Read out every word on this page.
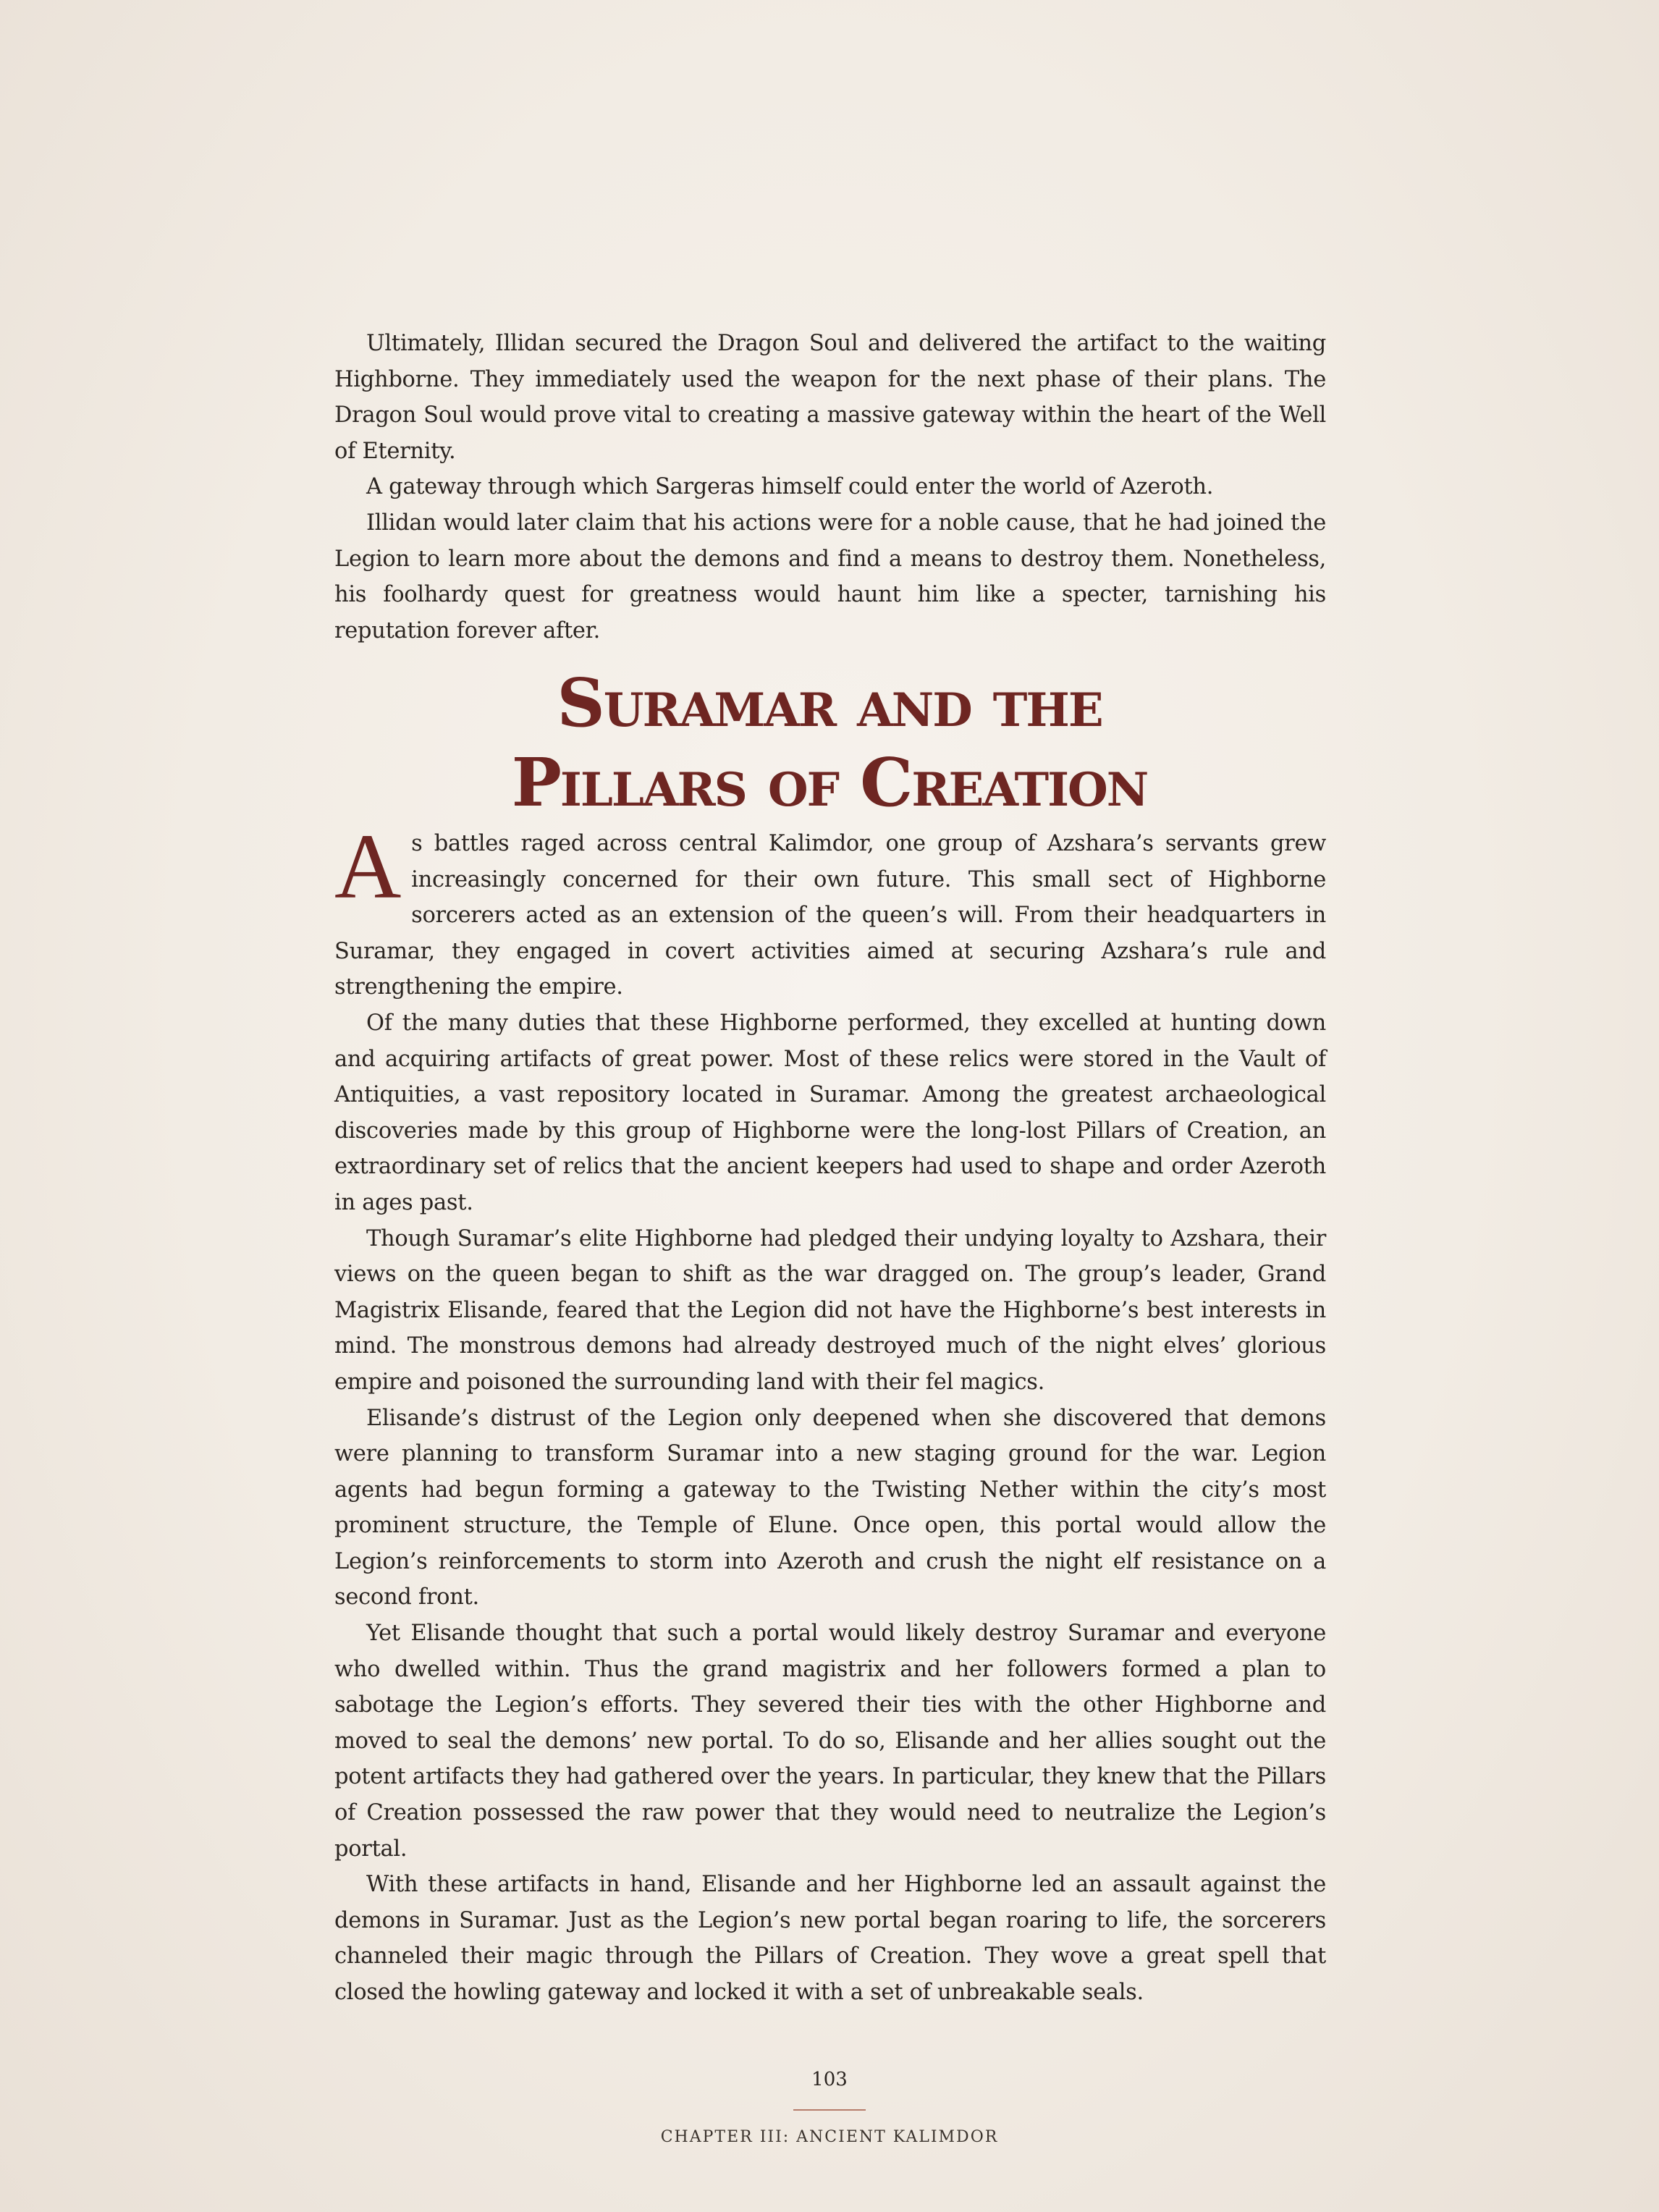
Ultimately, Illidan secured the Dragon Soul and delivered the artifact to the waiting Highborne. They immediately used the weapon for the next phase of their plans. The Dragon Soul would prove vital to creating a massive gateway within the heart of the Well of Eternity.

A gateway through which Sargeras himself could enter the world of Azeroth.

Illidan would later claim that his actions were for a noble cause, that he had joined the Legion to learn more about the demons and find a means to destroy them. Nonetheless, his foolhardy quest for greatness would haunt him like a specter, tarnishing his reputation forever after.

Suramar and the
Pillars of Creation

As battles raged across central Kalimdor, one group of Azshara’s servants grew increasingly concerned for their own future. This small sect of Highborne sorcerers acted as an extension of the queen’s will. From their headquarters in Suramar, they engaged in covert activities aimed at securing Azshara’s rule and strengthening the empire.

Of the many duties that these Highborne performed, they excelled at hunting down and acquiring artifacts of great power. Most of these relics were stored in the Vault of Antiquities, a vast repository located in Suramar. Among the greatest archaeological discoveries made by this group of Highborne were the long-lost Pillars of Creation, an extraordinary set of relics that the ancient keepers had used to shape and order Azeroth in ages past.

Though Suramar’s elite Highborne had pledged their undying loyalty to Azshara, their views on the queen began to shift as the war dragged on. The group’s leader, Grand Magistrix Elisande, feared that the Legion did not have the Highborne’s best interests in mind. The monstrous demons had already destroyed much of the night elves’ glorious empire and poisoned the surrounding land with their fel magics.

Elisande’s distrust of the Legion only deepened when she discovered that demons were planning to transform Suramar into a new staging ground for the war. Legion agents had begun forming a gateway to the Twisting Nether within the city’s most prominent structure, the Temple of Elune. Once open, this portal would allow the Legion’s reinforcements to storm into Azeroth and crush the night elf resistance on a second front.

Yet Elisande thought that such a portal would likely destroy Suramar and everyone who dwelled within. Thus the grand magistrix and her followers formed a plan to sabotage the Legion’s efforts. They severed their ties with the other Highborne and moved to seal the demons’ new portal. To do so, Elisande and her allies sought out the potent artifacts they had gathered over the years. In particular, they knew that the Pillars of Creation possessed the raw power that they would need to neutralize the Legion’s portal.

With these artifacts in hand, Elisande and her Highborne led an assault against the demons in Suramar. Just as the Legion’s new portal began roaring to life, the sorcerers channeled their magic through the Pillars of Creation. They wove a great spell that closed the howling gateway and locked it with a set of unbreakable seals.

103
CHAPTER III: ANCIENT KALIMDOR
